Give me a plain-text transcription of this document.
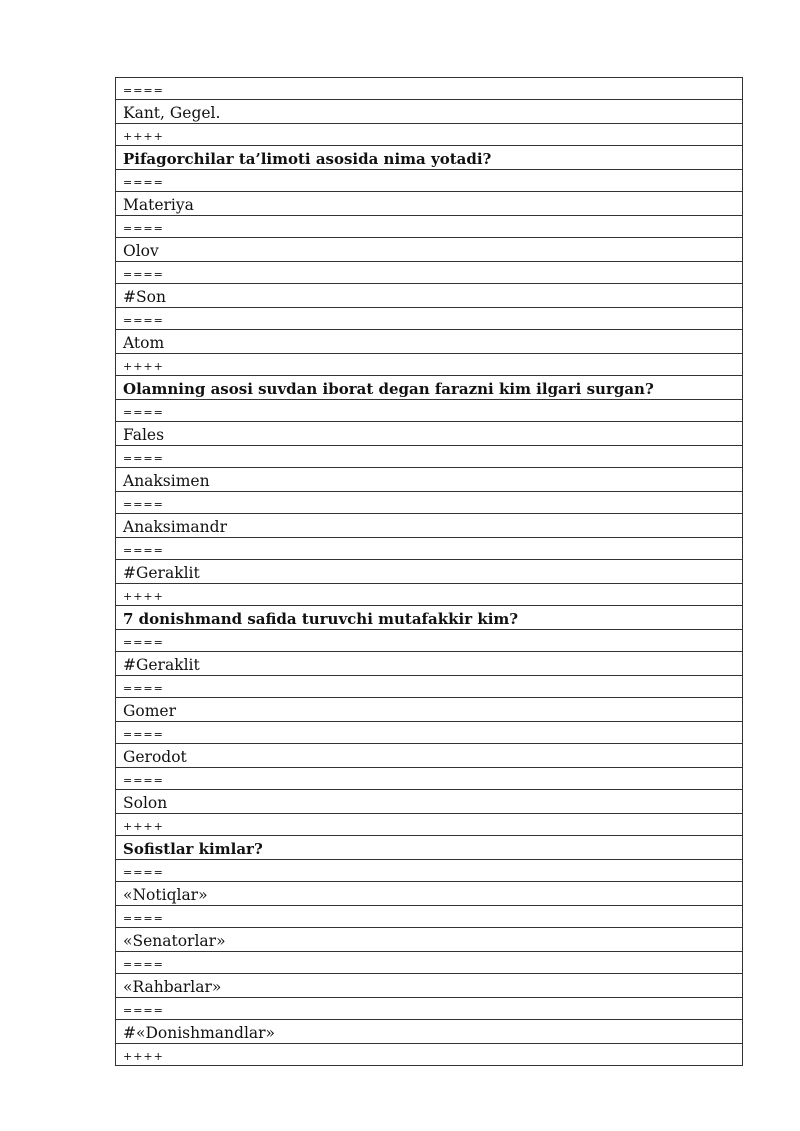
====
Kant, Gegel.
++++
Pifagorchilar ta’limoti asosida nima yotadi?
====
Materiya
====
Olov
====
#Son
====
Atom
++++
Olamning asosi suvdan iborat degan farazni kim ilgari surgan?
====
Fales
====
Anaksimen
====
Anaksimandr
====
#Geraklit
++++
7 donishmand safida turuvchi mutafakkir kim?
====
#Geraklit
====
Gomer
====
Gerodot
====
Solon
++++
Sofistlar kimlar?
====
«Notiqlar»
====
«Senatorlar»
====
«Rahbarlar»
====
#«Donishmandlar»
++++
